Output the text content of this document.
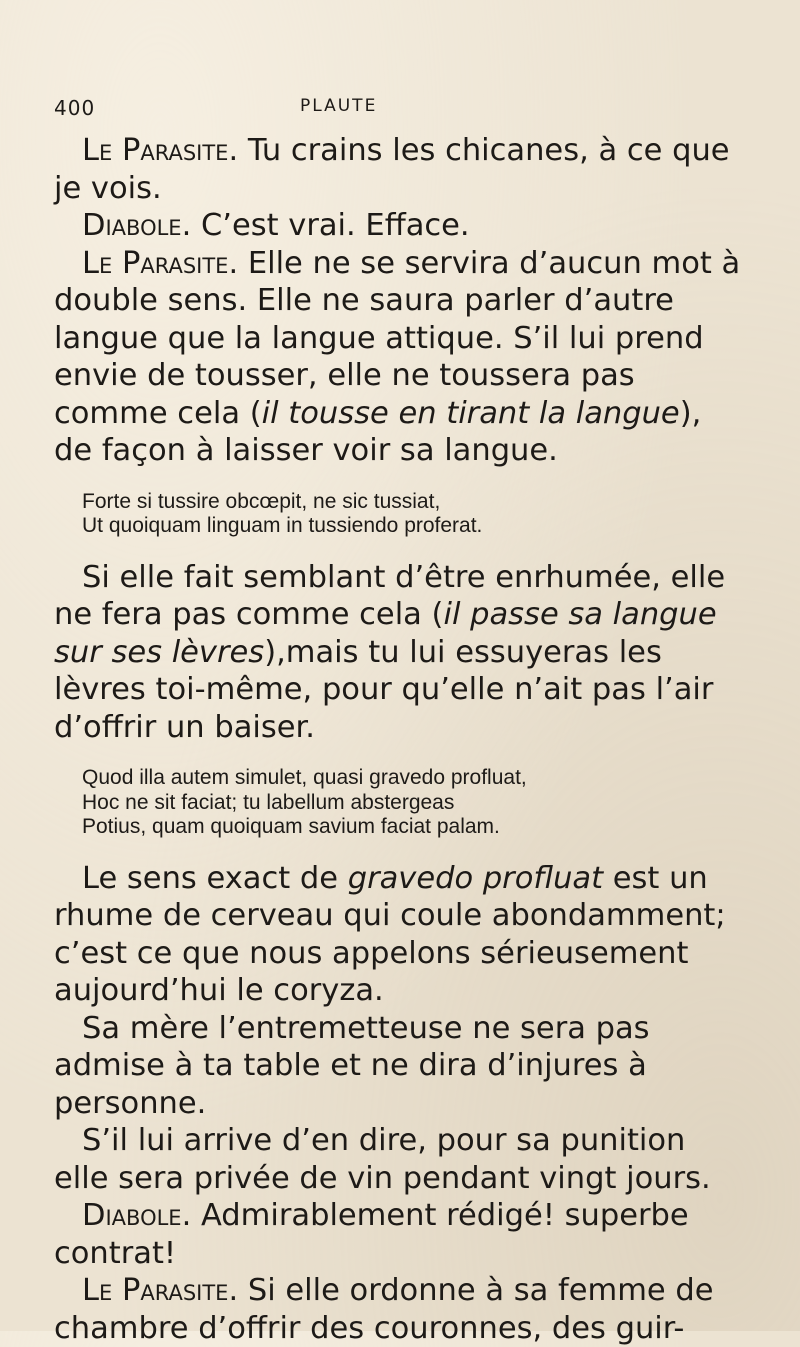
400	PLAUTE

Le Parasite. Tu crains les chicanes, à ce que je vois.

Diabole. C’est vrai. Efface.

Le Parasite. Elle ne se servira d’aucun mot à double sens. Elle ne saura parler d’autre langue que la langue attique. S’il lui prend envie de tousser, elle ne toussera pas comme cela (il tousse en tirant la langue), de façon à laisser voir sa langue.

Forte si tussire obcœpit, ne sic tussiat,
Ut quoiquam linguam in tussiendo proferat.

Si elle fait semblant d’être enrhumée, elle ne fera pas comme cela (il passe sa langue sur ses lèvres),mais tu lui essuyeras les lèvres toi-même, pour qu’elle n’ait pas l’air d’offrir un baiser.

Quod illa autem simulet, quasi gravedo profluat,
Hoc ne sit faciat; tu labellum abstergeas
Potius, quam quoiquam savium faciat palam.

Le sens exact de gravedo profluat est un rhume de cerveau qui coule abondamment; c’est ce que nous appelons sérieusement aujourd’hui le coryza.

Sa mère l’entremetteuse ne sera pas admise à ta table et ne dira d’injures à personne.

S’il lui arrive d’en dire, pour sa punition elle sera privée de vin pendant vingt jours.

Diabole. Admirablement rédigé! superbe contrat!

Le Parasite. Si elle ordonne à sa femme de chambre d’offrir des couronnes, des guir-
